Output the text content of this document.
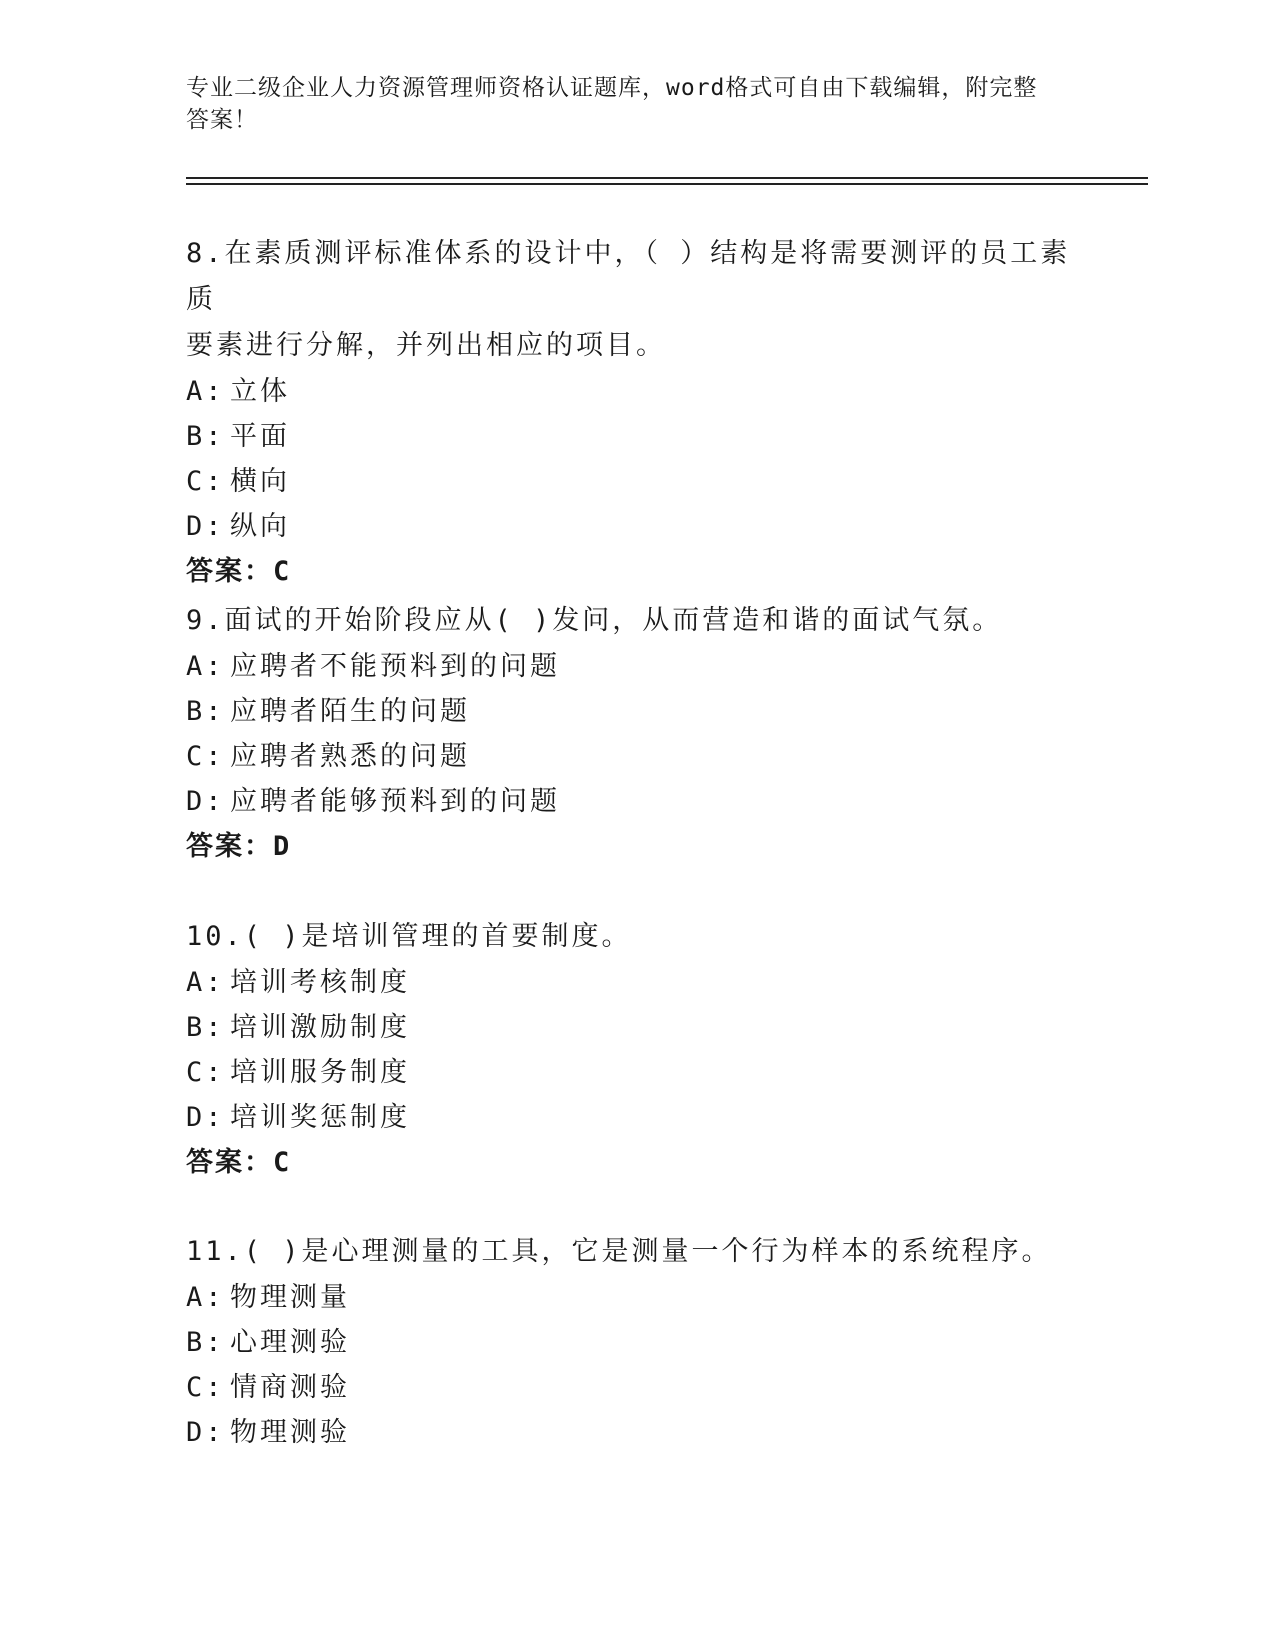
专业二级企业人力资源管理师资格认证题库，word格式可自由下载编辑，附完整
答案！
8.在素质测评标准体系的设计中，（ ）结构是将需要测评的员工素质
要素进行分解，并列出相应的项目。
A: 立体
B: 平面
C: 横向
D: 纵向
答案：C
9.面试的开始阶段应从( )发问，从而营造和谐的面试气氛。
A: 应聘者不能预料到的问题
B: 应聘者陌生的问题
C: 应聘者熟悉的问题
D: 应聘者能够预料到的问题
答案：D
10.( )是培训管理的首要制度。
A: 培训考核制度
B: 培训激励制度
C: 培训服务制度
D: 培训奖惩制度
答案：C
11.( )是心理测量的工具，它是测量一个行为样本的系统程序。
A: 物理测量
B: 心理测验
C: 情商测验
D: 物理测验
